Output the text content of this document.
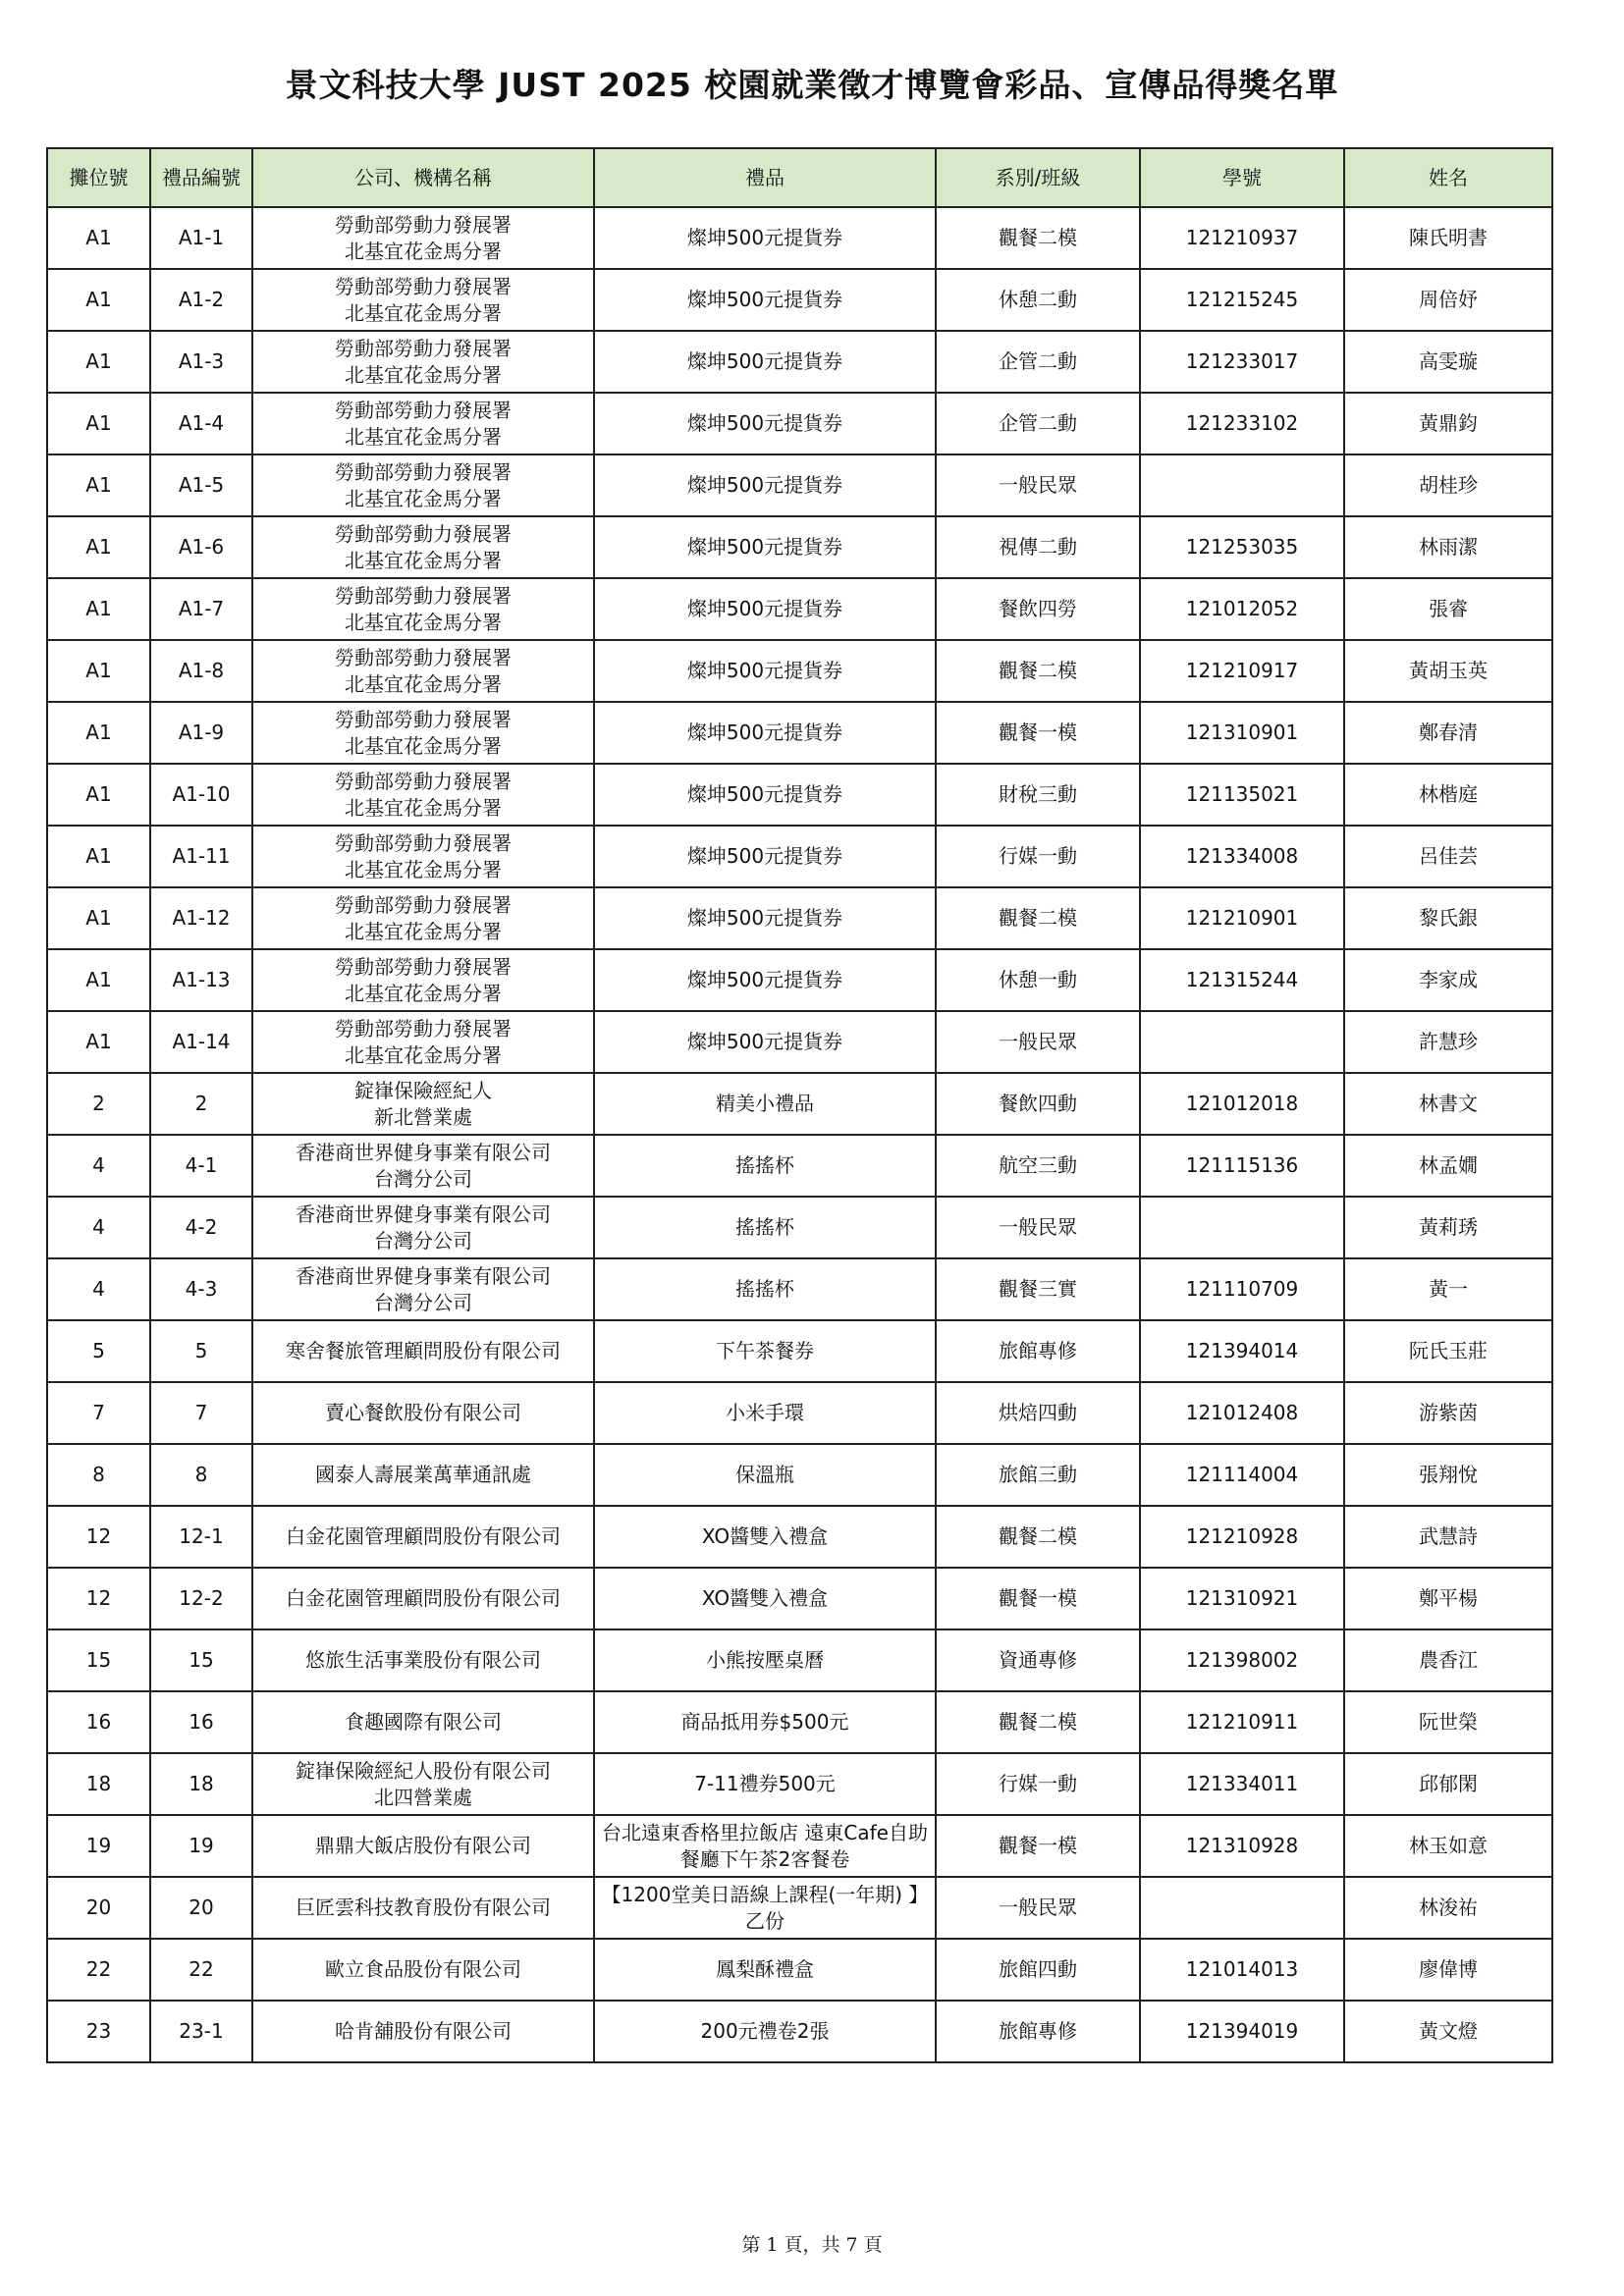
景文科技大學 JUST 2025 校園就業徵才博覽會彩品、宣傳品得獎名單
攤位號	禮品編號	公司、機構名稱	禮品	系別/班級	學號	姓名
A1	A1-1	勞動部勞動力發展署
北基宜花金馬分署	燦坤500元提貨券	觀餐二模	121210937	陳氏明書
A1	A1-2	勞動部勞動力發展署
北基宜花金馬分署	燦坤500元提貨券	休憩二動	121215245	周倍妤
A1	A1-3	勞動部勞動力發展署
北基宜花金馬分署	燦坤500元提貨券	企管二動	121233017	高雯璇
A1	A1-4	勞動部勞動力發展署
北基宜花金馬分署	燦坤500元提貨券	企管二動	121233102	黃鼎鈞
A1	A1-5	勞動部勞動力發展署
北基宜花金馬分署	燦坤500元提貨券	一般民眾		胡桂珍
A1	A1-6	勞動部勞動力發展署
北基宜花金馬分署	燦坤500元提貨券	視傳二動	121253035	林雨潔
A1	A1-7	勞動部勞動力發展署
北基宜花金馬分署	燦坤500元提貨券	餐飲四勞	121012052	張睿
A1	A1-8	勞動部勞動力發展署
北基宜花金馬分署	燦坤500元提貨券	觀餐二模	121210917	黃胡玉英
A1	A1-9	勞動部勞動力發展署
北基宜花金馬分署	燦坤500元提貨券	觀餐一模	121310901	鄭春清
A1	A1-10	勞動部勞動力發展署
北基宜花金馬分署	燦坤500元提貨券	財稅三動	121135021	林楷庭
A1	A1-11	勞動部勞動力發展署
北基宜花金馬分署	燦坤500元提貨券	行媒一動	121334008	呂佳芸
A1	A1-12	勞動部勞動力發展署
北基宜花金馬分署	燦坤500元提貨券	觀餐二模	121210901	黎氏銀
A1	A1-13	勞動部勞動力發展署
北基宜花金馬分署	燦坤500元提貨券	休憩一動	121315244	李家成
A1	A1-14	勞動部勞動力發展署
北基宜花金馬分署	燦坤500元提貨券	一般民眾		許慧珍
2	2	錠嵂保險經紀人
新北營業處	精美小禮品	餐飲四動	121012018	林書文
4	4-1	香港商世界健身事業有限公司
台灣分公司	搖搖杯	航空三動	121115136	林孟嫺
4	4-2	香港商世界健身事業有限公司
台灣分公司	搖搖杯	一般民眾		黃莉琇
4	4-3	香港商世界健身事業有限公司
台灣分公司	搖搖杯	觀餐三實	121110709	黃一
5	5	寒舍餐旅管理顧問股份有限公司	下午茶餐券	旅館專修	121394014	阮氏玉莊
7	7	賣心餐飲股份有限公司	小米手環	烘焙四動	121012408	游紫茵
8	8	國泰人壽展業萬華通訊處	保溫瓶	旅館三動	121114004	張翔悅
12	12-1	白金花園管理顧問股份有限公司	XO醬雙入禮盒	觀餐二模	121210928	武慧詩
12	12-2	白金花園管理顧問股份有限公司	XO醬雙入禮盒	觀餐一模	121310921	鄭平楊
15	15	悠旅生活事業股份有限公司	小熊按壓桌曆	資通專修	121398002	農香江
16	16	食趣國際有限公司	商品抵用券$500元	觀餐二模	121210911	阮世榮
18	18	錠嵂保險經紀人股份有限公司
北四營業處	7-11禮券500元	行媒一動	121334011	邱郁閑
19	19	鼎鼎大飯店股份有限公司	台北遠東香格里拉飯店 遠東Cafe自助
餐廳下午茶2客餐卷	觀餐一模	121310928	林玉如意
20	20	巨匠雲科技教育股份有限公司	【1200堂美日語線上課程(一年期) 】
乙份	一般民眾		林浚祐
22	22	歐立食品股份有限公司	鳳梨酥禮盒	旅館四動	121014013	廖偉博
23	23-1	哈肯舖股份有限公司	200元禮卷2張	旅館專修	121394019	黃文燈
第 1 頁，共 7 頁
